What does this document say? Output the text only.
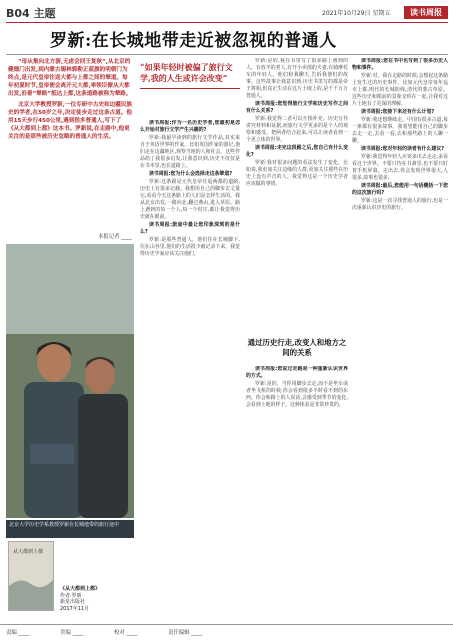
B04 主题	2021年10月29日 星期五	读书周报
罗新:在长城地带走近被忽视的普通人

“母从集向北方游,无虑会回王复秋”,从北京的健德门出发,到内蒙古锡林郭勒正蓝旗的明朝门为终点,是元代皇帝往返大都与上都之间的辇道。每年初夏时节,皇帝便会离开元大都,率领臣僚从大都出发,沿着“辇路”抵达上都,这条道路被称为辇路。

北京大学教授罗新,一位专研中古史和边疆民族史的学者,在50岁之年,决定徒步走过这条古道。他用15天步行450公里,遇到很多普通人,写下了《从大都到上都》这本书。罗新说,在走路中,他更关注的是那些被历史忽略的普通人的生活。

本报记者 ____
北京大学历史学系教授罗新在长城地带的旅行途中
从大都到上都
《从大都到上都》
作者:罗新
新星出版社
2017年11月
“如果年轻时被偏了旅行文学,我的人生或许会改变”

读书周报:作为一名历史学者,您最初是怎么开始对旅行文学产生兴趣的?

罗新:我最早读到的旅行文学作品,其实来自于英语世界的作家。比如英国作家的游记,他们走在边疆地区,观察当地的人和社会。这些作品给了我很多启发,让我意识到,历史不仅仅是在书本里,也在道路上。

读书周报:您为什么会选择走这条辇道?

罗新:这条路是元代皇帝往返两都的道路,历史上有很多记载。我想用自己的脚步去丈量它,看看今天这条路上的人们是怎样生活的。我从北京出发,一路向北,翻过燕山,进入草原。路上遇到的每一个人,每一个村庄,都让我觉得历史就在眼前。

读书周报:旅途中最让您印象深刻的是什么?

罗新:是那些普通人。他们住在长城脚下,住在山谷里,他们的生活很少被记录下来。我觉得历史学家应该关注他们。

罗新:是的,我在书里写了很多路上遇到的人。有放羊的老人,有开小卖部的夫妻,有骑摩托车的年轻人。他们和我聊天,告诉我他们的故事。这些故事让我意识到,历史书里写的都是帝王将相,但真正生活在这片土地上的,是千千万万普通人。

读书周报:您觉得旅行文学和历史写作之间有什么关系?

罗新:我觉得二者可以互相补充。历史写作讲究材料和证据,而旅行文学更多的是个人的观察和感受。把两者结合起来,可以让读者看到一个更立体的世界。

读书周报:走完这段路之后,您自己有什么变化?

罗新:我对很多问题的看法发生了变化。比如说,我更加关注边缘的人群,更加关注那些在历史上没有声音的人。我觉得这是一个历史学者应该做的事情。

通过历史行走,改变人和地方之间的关系

读书周报:您说过走路是一种重新认识世界的方式。

罗新:是的。当你用脚步去走,而不是坐车或者坐飞机的时候,你会看到很多平时看不到的东西。你会和路上的人说话,会感受到季节的变化,会看到土地的样子。这种体验是非常珍贵的。

读书周报:您在书中也写到了很多历史人物和事件。

罗新:对。我在走路的时候,会想起这条路上发生过的历史事件。比如元代皇帝每年巡幸上都,明代的长城防线,清代的蒙古草原。这些历史和眼前的景象交织在一起,让我对这片土地有了更深的理解。

读书周报:您接下来还有什么计划?

罗新:我还想继续走。中国有很多古道,每一条都有很多故事。我希望能用自己的脚步去走一走,去看一看,去和那些路上的人聊一聊。

读书周报:您对年轻的读者有什么建议?

罗新:我觉得年轻人应该多出去走走,多看看这个世界。不要只待在书斋里,也不要只盯着手机屏幕。走出去,你会发现世界很大,人很多,故事也很多。

读书周报:最后,您能用一句话概括一下您的这次旅行吗?

罗新:这是一次寻找普通人的旅行,也是一次重新认识历史的旅行。

责编 ____	美编 ____	校对 ____	责任编辑 ____
